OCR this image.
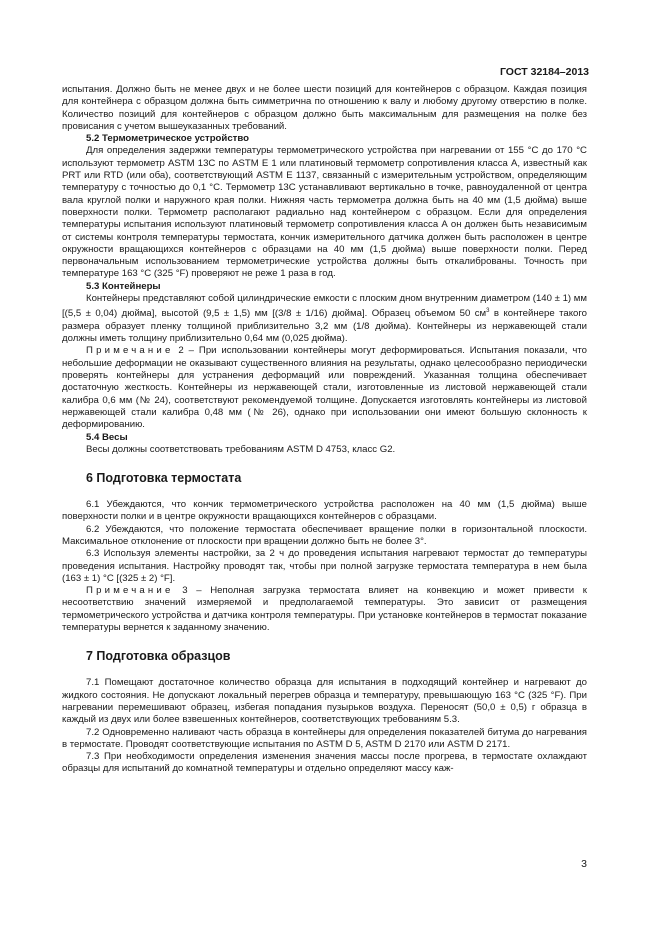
ГОСТ 32184–2013

испытания. Должно быть не менее двух и не более шести позиций для контейнеров с образцом. Каждая позиция для контейнера с образцом должна быть симметрична по отношению к валу и любому другому отверстию в полке. Количество позиций для контейнеров с образцом должно быть максимальным для размещения на полке без провисания с учетом вышеуказанных требований.

5.2 Термометрическое устройство

Для определения задержки температуры термометрического устройства при нагревании от 155 °С до 170 °С используют термометр ASTM 13C по ASTM E 1 или платиновый термометр сопротивления класса А, известный как PRT или RTD (или оба), соответствующий ASTM E 1137, связанный с измерительным устройством, определяющим температуру с точностью до 0,1 °С. Термометр 13С устанавливают вертикально в точке, равноудаленной от центра вала круглой полки и наружного края полки. Нижняя часть термометра должна быть на 40 мм (1,5 дюйма) выше поверхности полки. Термометр располагают радиально над контейнером с образцом. Если для определения температуры испытания используют платиновый термометр сопротивления класса А он должен быть независимым от системы контроля температуры термостата, кончик измерительного датчика должен быть расположен в центре окружности вращающихся контейнеров с образцами на 40 мм (1,5 дюйма) выше поверхности полки. Перед первоначальным использованием термометрические устройства должны быть откалиброваны. Точность при температуре 163 °С (325 °F) проверяют не реже 1 раза в год.

5.3 Контейнеры

Контейнеры представляют собой цилиндрические емкости с плоским дном внутренним диаметром (140 ± 1) мм [(5,5 ± 0,04) дюйма], высотой (9,5 ± 1,5) мм [(3/8 ± 1/16) дюйма]. Образец объемом 50 $см^3$ в контейнере такого размера образует пленку толщиной приблизительно 3,2 мм (1/8 дюйма). Контейнеры из нержавеющей стали должны иметь толщину приблизительно 0,64 мм (0,025 дюйма).

Примечание 2 – При использовании контейнеры могут деформироваться. Испытания показали, что небольшие деформации не оказывают существенного влияния на результаты, однако целесообразно периодически проверять контейнеры для устранения деформаций или повреждений. Указанная толщина обеспечивает достаточную жесткость. Контейнеры из нержавеющей стали, изготовленные из листовой нержавеющей стали калибра 0,6 мм (№ 24), соответствуют рекомендуемой толщине. Допускается изготовлять контейнеры из листовой нержавеющей стали калибра 0,48 мм (№ 26), однако при использовании они имеют большую склонность к деформированию.

5.4 Весы

Весы должны соответствовать требованиям ASTM D 4753, класс G2.

6 Подготовка термостата

6.1 Убеждаются, что кончик термометрического устройства расположен на 40 мм (1,5 дюйма) выше поверхности полки и в центре окружности вращающихся контейнеров с образцами.

6.2 Убеждаются, что положение термостата обеспечивает вращение полки в горизонтальной плоскости. Максимальное отклонение от плоскости при вращении должно быть не более 3°.

6.3 Используя элементы настройки, за 2 ч до проведения испытания нагревают термостат до температуры проведения испытания. Настройку проводят так, чтобы при полной загрузке термостата температура в нем была (163 ± 1) °С [(325 ± 2) °F].

Примечание 3 – Неполная загрузка термостата влияет на конвекцию и может привести к несоответствию значений измеряемой и предполагаемой температуры. Это зависит от размещения термометрического устройства и датчика контроля температуры. При установке контейнеров в термостат показание температуры вернется к заданному значению.

7 Подготовка образцов

7.1 Помещают достаточное количество образца для испытания в подходящий контейнер и нагревают до жидкого состояния. Не допускают локальный перегрев образца и температуру, превышающую 163 °С (325 °F). При нагревании перемешивают образец, избегая попадания пузырьков воздуха. Переносят (50,0 ± 0,5) г образца в каждый из двух или более взвешенных контейнеров, соответствующих требованиям 5.3.

7.2 Одновременно наливают часть образца в контейнеры для определения показателей битума до нагревания в термостате. Проводят соответствующие испытания по ASTM D 5, ASTM D 2170 или ASTM D 2171.

7.3 При необходимости определения изменения значения массы после прогрева, в термостате охлаждают образцы для испытаний до комнатной температуры и отдельно определяют массу каж-

3
